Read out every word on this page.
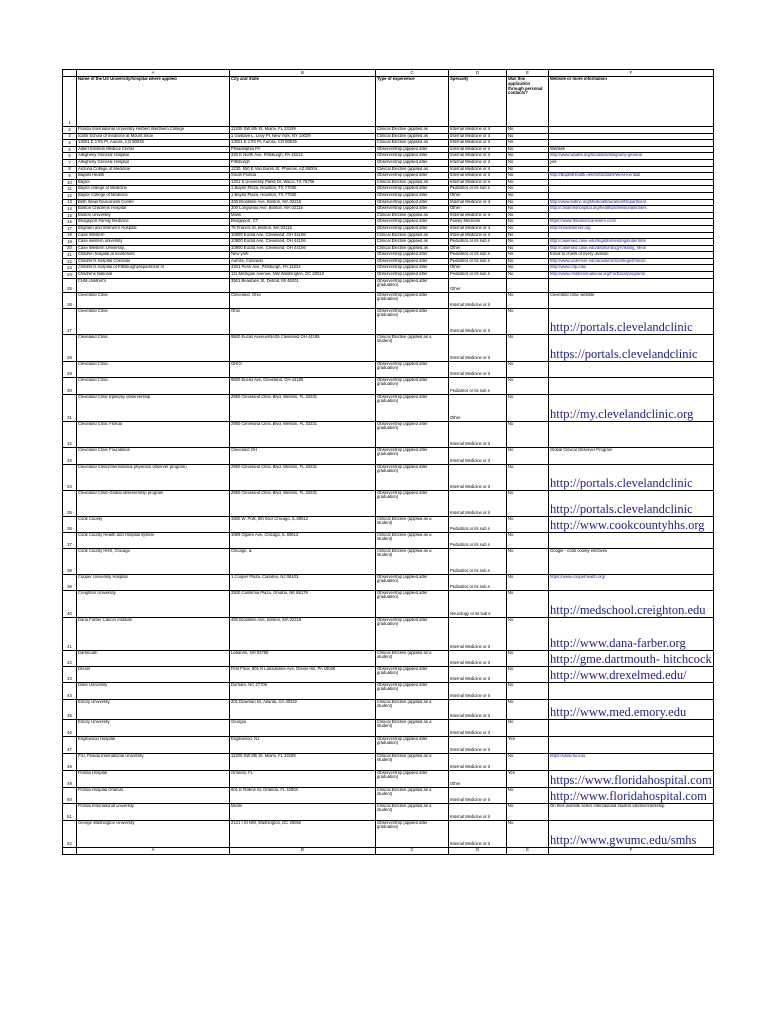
	A	B	C	D	E	F
1	Name of the US University/hospital where applied	City and State	Type of experience	Specialty	Was this application through personal contacts?	Website or more information
2	Florida International University Herbert Wertheim College	11200 SW 8th St, Miami, FL 33199	Clinical Elective (applied as	Internal Medicine or it	No	
3	Icahn School of medicine at Mount Sinai	1 Gustave L. Levy Pl, New York, NY 10029	Clinical Elective (applied as	Internal Medicine or it	No	
4	13001 E 17th Pl, Aurora, CO 80045	13001 E 17th Pl, Aurora, CO 80045	Clinical Elective (applied as	Internal Medicine or it	No	
5	Albert Einstein Medical Center	Philadelphia PA	Observership (applied after	Internal Medicine or it	No	Website
6	Allegheny General Hospital	320 E North Ave, Pittsburgh, PA 15212	Observership (applied after	Internal Medicine or it	No	http://www.wpahs.org/locations/allegheny-general
7	Allegheny General Hospital	Pittsburgh	Observership (applied after	Internal Medicine or it	No	yes
8	Arizona College of Medicine	1230, 550 E Van Buren St, Phoenix, AZ 85004	Clinical Elective (applied as	Internal Medicine or it	No	
9	Baptist Health	South Florida	Observership (applied after	Internal Medicine or it	No	http://BaptistHealth.net/en/facilities/West-Kendall
10	Baylor	1201 S University Parks Dr, Waco, TX 76706	Clinical Elective (applied as	Internal Medicine or it	No	
11	Baylor college of Medicine	1 Baylor Plaza, Houston, TX 77030	Observership (applied after	Pediatrics or its sub s	No	
12	Baylor College of Medicine	1 Baylor Plaza, Houston, TX 77030	Observership (applied after	Other	No	
13	Beth Israel Deaconess Center	330 Brookline Ave, Boston, MA 02215	Observership (applied after	Internal Medicine or it	No	http://www.bidmc.org/MedicalEducation/Department
14	Boston Childrens Hospital	300 Longwood Ave, Boston, MA 02115	Observership (applied after	Other	No	http://childrenshospital.org/healthprofessionals/Sites
15	Boston University	Mass	Clinical Elective (applied as	Internal Medicine or it	No	
16	Bridgeport Family Medicine	Bridgeport, CT	Observership (applied after	Family Medicine	No	https://www.theamericanesem.com/
17	Brigham and Women's Hospital	75 Francis St, Boston, MA 02115	Observership (applied after	Internal Medicine or it	No	http://imnobserver.org
18	Case Western	10900 Euclid Ave, Cleveland, OH 44106	Clinical Elective (applied as	Internal Medicine or it	No	
19	Case western university	10900 Euclid Ave, Cleveland, OH 44106	Clinical Elective (applied as	Pediatrics or its sub s	No	http://casemed.case.edu/registrar/visitingstudents/in
20	Case Western University,	10900 Euclid Ave, Cleveland, OH 44106	Clinical Elective (applied as	Other	No	http://casemed.case.edu/dept/urology/Visiting_Medi
21	Children hospital at montefiore	New york	Observership (applied after	Pediatrics or its sub s	No	Email to chiefs of every division
22	Children's hospital Colorado	Aurora, Colorado	Observership (applied after	Pediatrics or its sub s	No	http://www.ucdenver.edu/academics/colleges/medic
23	Children's hospital of Pittsburgh(department of	4401 Penn Ave, Pittsburgh, PA 15224	Observership (applied after	Other	No	http://www.chp.edu/
24	Childrens National	111 Michigan Avenue, NW Washington, DC 20010	Observership (applied after	Pediatrics or its sub s	No	http://www.childrensnational.org/ForDocs/programs
25	CHM,children's	3901 Beaubien St, Detroit, MI 48201	Observership (applied after graduation)	Other		
26	Cleveland Clinic	Cleveland, Ohio	Observership (applied after graduation)	Internal Medicine or it	No	Cleveland clinic website
27	Cleveland Clinic	Ohio	Observership (applied after graduation)	Internal Medicine or it	No	http://portals.clevelandclinic
28	Cleveland Clinic	9500 Euclid Avenue/NA25 Cleveland OH 44195	Clinical Elective (applied as a student)	Internal Medicine or it	No	https://portals.clevelandclinic
29	Cleveland Clinic	OHIO	Observership (applied after graduation)	Internal Medicine or it	No	
30	Cleveland Clinic	9500 Euclid Ave, Cleveland, OH 44195	Observership (applied after graduation)	Pediatrics or its sub s	No	
31	Cleveland Clinic Epilepsy observership	2950 Cleveland Clinic Blvd, Weston, FL 33331	Observership (applied after graduation)	Other	No	http://my.clevelandclinic.org
32	Cleveland Clinic Florida	2950 Cleveland Clinic Blvd, Weston, FL 33331	Observership (applied after graduation)	Internal Medicine or it	No	
33	Cleveland Clinic Foundation	Cleveland OH	Observership (applied after graduation)	Internal Medicine or it	No	Global Clinical Observer Program
34	Cleveland Clinic(International physician observer program)	2950 Cleveland Clinic Blvd, Weston, FL 33331	Observership (applied after graduation)	Internal Medicine or it	No	http://portals.clevelandclinic
35	Cleveland Clinic-Global observership program	2950 Cleveland Clinic Blvd, Weston, FL 33331	Observership (applied after graduation)	Internal Medicine or it	No	http://portals.clevelandclinic
36	Cook County	1900 W. Polk, 6th floor Chicago, IL 60612	Clinical Elective (applied as a student)	Pediatrics or its sub s	No	http://www.cookcountyhhs.org
37	Cook County Health and Hospital system	1969 Ogden Ave, Chicago, IL 60612	Clinical Elective (applied as a student)	Pediatrics or its sub s	No	
38	Cook County HHS, Chicago	Chicago, IL	Clinical Elective (applied as a student)	Pediatrics or its sub s	No	Google - cook county electives
39	Cooper University Hospital	1 Cooper Plaza, Camden, NJ 08103	Observership (applied after graduation)	Pediatrics or its sub s	No	https://www.cooperhealth.org/
40	Creighton University	2500 California Plaza, Omaha, NE 68178	Observership (applied after graduation)	Neurology or its sub s	No	http://medschool.creighton.edu
41	Dana Farber Cancer Institute	450 Brookline Ave, Boston, MA 02215	Observership (applied after graduation)	Internal Medicine or it	No	http://www.dana-farber.org
42	Dartmouth	Lebanon, NH 03756	Clinical Elective (applied as a student)	Internal Medicine or it	No	http://gme.dartmouth- hitchcock
43	Drexel	First Floor, 501 N Lansdowne Ave, Drexel Hill, PA 19026	Observership (applied after graduation)	Internal Medicine or it	No	http://www.drexelmed.edu/
44	Duke University	Durham, NC 27708	Observership (applied after graduation)	Internal Medicine or it	No	
45	Emory University	201 Dowman Dr, Atlanta, GA 30322	Clinical Elective (applied as a student)	Internal Medicine or it	No	http://www.med.emory.edu
46	Emory University	Georgia	Clinical Elective (applied as a student)	Internal Medicine or it	No	
47	Englewood Hospital	Englewood, NJ	Observership (applied after graduation)	Internal Medicine or it	Yes	
48	FIU, Florida International University	11200 SW 8th St, Miami, FL 33199	Clinical Elective (applied as a student)	Internal Medicine or it	No	https://www.fiu.edu
49	Florida Hospital	Orlando, FL	Observership (applied after graduation)	Other	Yes	https://www.floridahospital.com
50	Florida Hospital Orlando	601 E Rollins St, Orlando, FL 32803	Clinical Elective (applied as a student)	Internal Medicine or it	No	http://www.floridahospital.com
51	Florida International university	Miami	Clinical Elective (applied as a student)	Internal Medicine or it	No	On their website select international student elective/clerkship.
52	George Washington University	2121 I St NW, Washington, DC 20052	Observership (applied after graduation)	Internal Medicine or it	No	http://www.gwumc.edu/smhs
	A	B	C	D	E	F
